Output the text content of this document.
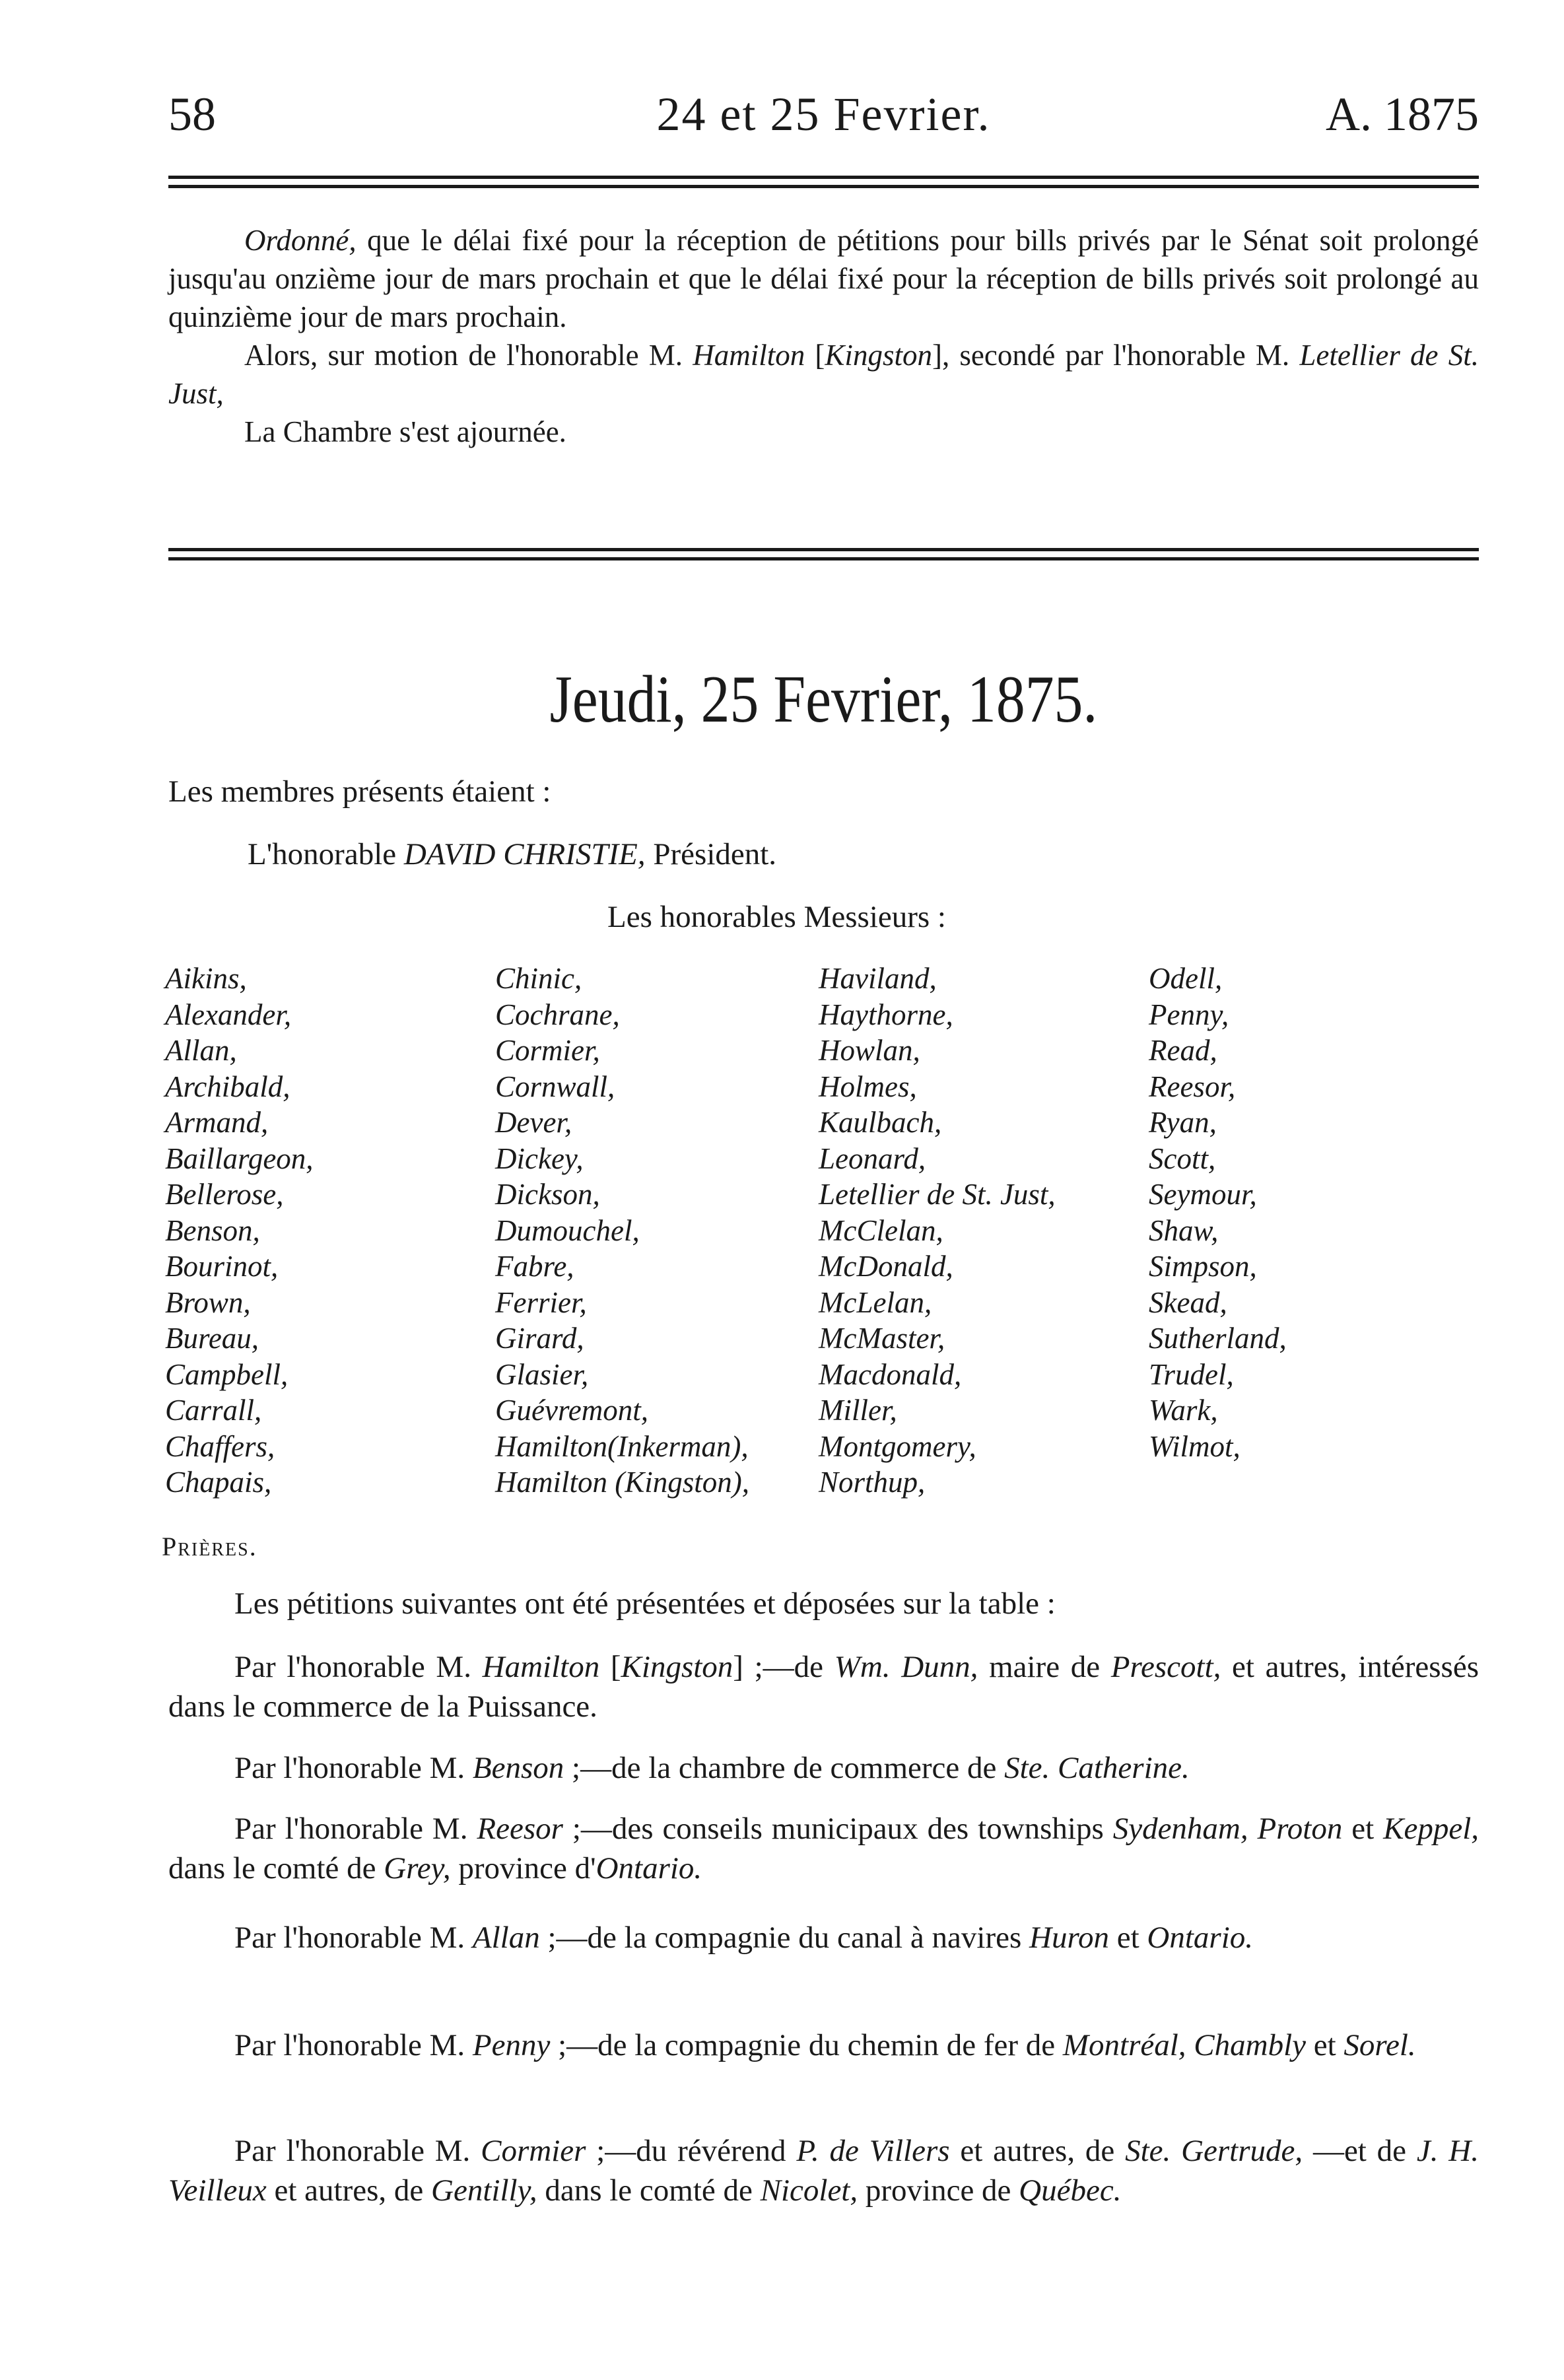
58	24 et 25 Fevrier.	A. 1875

Ordonné, que le délai fixé pour la réception de pétitions pour bills privés par le Sénat soit prolongé jusqu'au onzième jour de mars prochain et que le délai fixé pour la réception de bills privés soit prolongé au quinzième jour de mars prochain.

Alors, sur motion de l'honorable M. Hamilton [Kingston], secondé par l'honorable M. Letellier de St. Just,

La Chambre s'est ajournée.

Jeudi, 25 Fevrier, 1875.
Les membres présents étaient :
L'honorable DAVID CHRISTIE, Président.
Les honorables Messieurs :
Aikins,
Alexander,
Allan,
Archibald,
Armand,
Baillargeon,
Bellerose,
Benson,
Bourinot,
Brown,
Bureau,
Campbell,
Carrall,
Chaffers,
Chapais,
Chinic,
Cochrane,
Cormier,
Cornwall,
Dever,
Dickey,
Dickson,
Dumouchel,
Fabre,
Ferrier,
Girard,
Glasier,
Guévremont,
Hamilton(Inkerman),
Hamilton (Kingston),
Haviland,
Haythorne,
Howlan,
Holmes,
Kaulbach,
Leonard,
Letellier de St. Just,
McClelan,
McDonald,
McLelan,
McMaster,
Macdonald,
Miller,
Montgomery,
Northup,
Odell,
Penny,
Read,
Reesor,
Ryan,
Scott,
Seymour,
Shaw,
Simpson,
Skead,
Sutherland,
Trudel,
Wark,
Wilmot,
Prières.
Les pétitions suivantes ont été présentées et déposées sur la table :

Par l'honorable M. Hamilton [Kingston] ;—de Wm. Dunn, maire de Prescott, et autres, intéressés dans le commerce de la Puissance.

Par l'honorable M. Benson ;—de la chambre de commerce de Ste. Catherine.

Par l'honorable M. Reesor ;—des conseils municipaux des townships Sydenham, Proton et Keppel, dans le comté de Grey, province d'Ontario.

Par l'honorable M. Allan ;—de la compagnie du canal à navires Huron et Ontario.

Par l'honorable M. Penny ;—de la compagnie du chemin de fer de Montréal, Chambly et Sorel.

Par l'honorable M. Cormier ;—du révérend P. de Villers et autres, de Ste. Gertrude, —et de J. H. Veilleux et autres, de Gentilly, dans le comté de Nicolet, province de Québec.
